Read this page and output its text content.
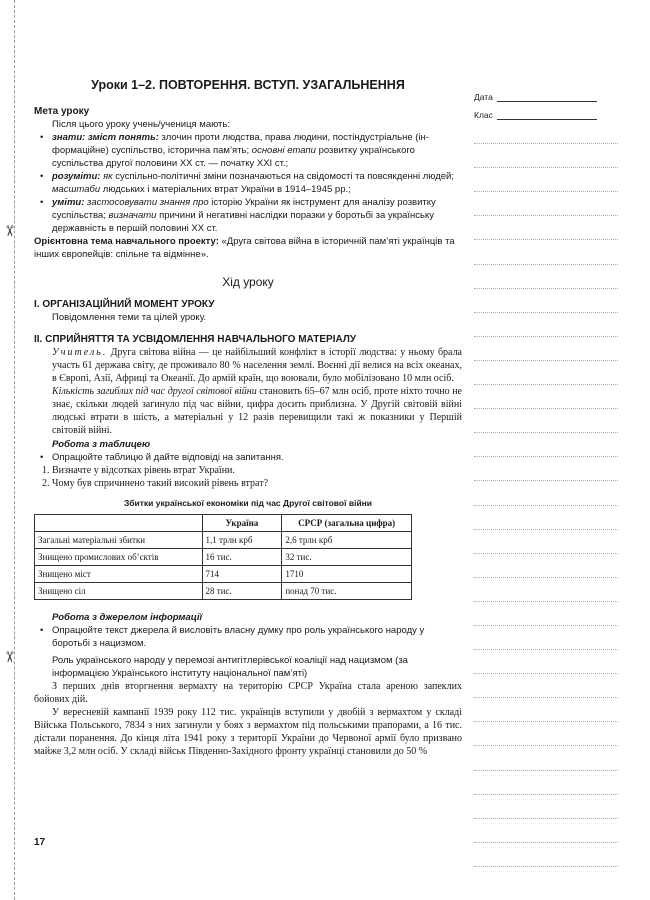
✂
✂
Уроки 1–2. ПОВТОРЕННЯ. ВСТУП. УЗАГАЛЬНЕННЯ
Мета уроку

Після цього уроку учень/учениця мають:

• знати: зміст понять: злочин проти людства, права людини, постіндустріальне (інформаційне) суспільство, історична пам’ять; основні етапи розвитку українського суспільства другої половини XX ст. — початку XXI ст.;

• розуміти: як суспільно-політичні зміни позначаються на свідомості та повсякденні людей; масштаби людських і матеріальних втрат України в 1914–1945 рр.;

• уміти: застосовувати знання про історію України як інструмент для аналізу розвитку суспільства; визначати причини й негативні наслідки поразки у боротьбі за українську державність в першій половині XX ст.

Орієнтовна тема навчального проекту: «Друга світова війна в історичній пам’яті українців та інших європейців: спільне та відмінне».

Хід уроку
I. ОРГАНІЗАЦІЙНИЙ МОМЕНТ УРОКУ

Повідомлення теми та цілей уроку.

II. СПРИЙНЯТТЯ ТА УСВІДОМЛЕННЯ НАВЧАЛЬНОГО МАТЕРІАЛУ

Учитель. Друга світова війна — це найбільший конфлікт в історії людства: у ньому брала участь 61 держава світу, де проживало 80 % населення землі. Воєнні дії велися на всіх океанах, в Європі, Азії, Африці та Океанії. До армій країн, що воювали, було мобілізовано 10 млн осіб.

Кількість загиблих під час другої світової війни становить 65–67 млн осіб, проте ніхто точно не знає, скільки людей загинуло під час війни, цифра досить приблизна. У Другій світовій війні людські втрати в шість, а матеріальні у 12 разів перевищили такі ж показники у Першій світовій війні.

Робота з таблицею

• Опрацюйте таблицю й дайте відповіді на запитання.

1. Визначте у відсотках рівень втрат України.

2. Чому був спричинено такий високий рівень втрат?

Збитки української економіки під час Другої світової війни
	Україна	СРСР (загальна цифра)
Загальні матеріальні збитки	1,1 трлн крб	2,6 трлн крб
Знищено промислових об’єктів	16 тис.	32 тис.
Знищено міст	714	1710
Знищено сіл	28 тис.	понад 70 тис.
Робота з джерелом інформації

• Опрацюйте текст джерела й висловіть власну думку про роль українського народу у боротьбі з нацизмом.

Роль українського народу у перемозі антигітлерівської коаліції над нацизмом (за інформацією Українського інституту національної пам’яті)

З перших днів вторгнення вермахту на територію СРСР Україна стала ареною запеклих бойових дій.

У вересневій кампанії 1939 року 112 тис. українців вступили у двобій з вермахтом у складі Війська Польського, 7834 з них загинули у боях з вермахтом під польськими прапорами, а 16 тис. дістали поранення. До кінця літа 1941 року з території України до Червоної армії було призвано майже 3,2 млн осіб. У складі військ Південно-Західного фронту українці становили до 50 %

17
Дата
Клас
